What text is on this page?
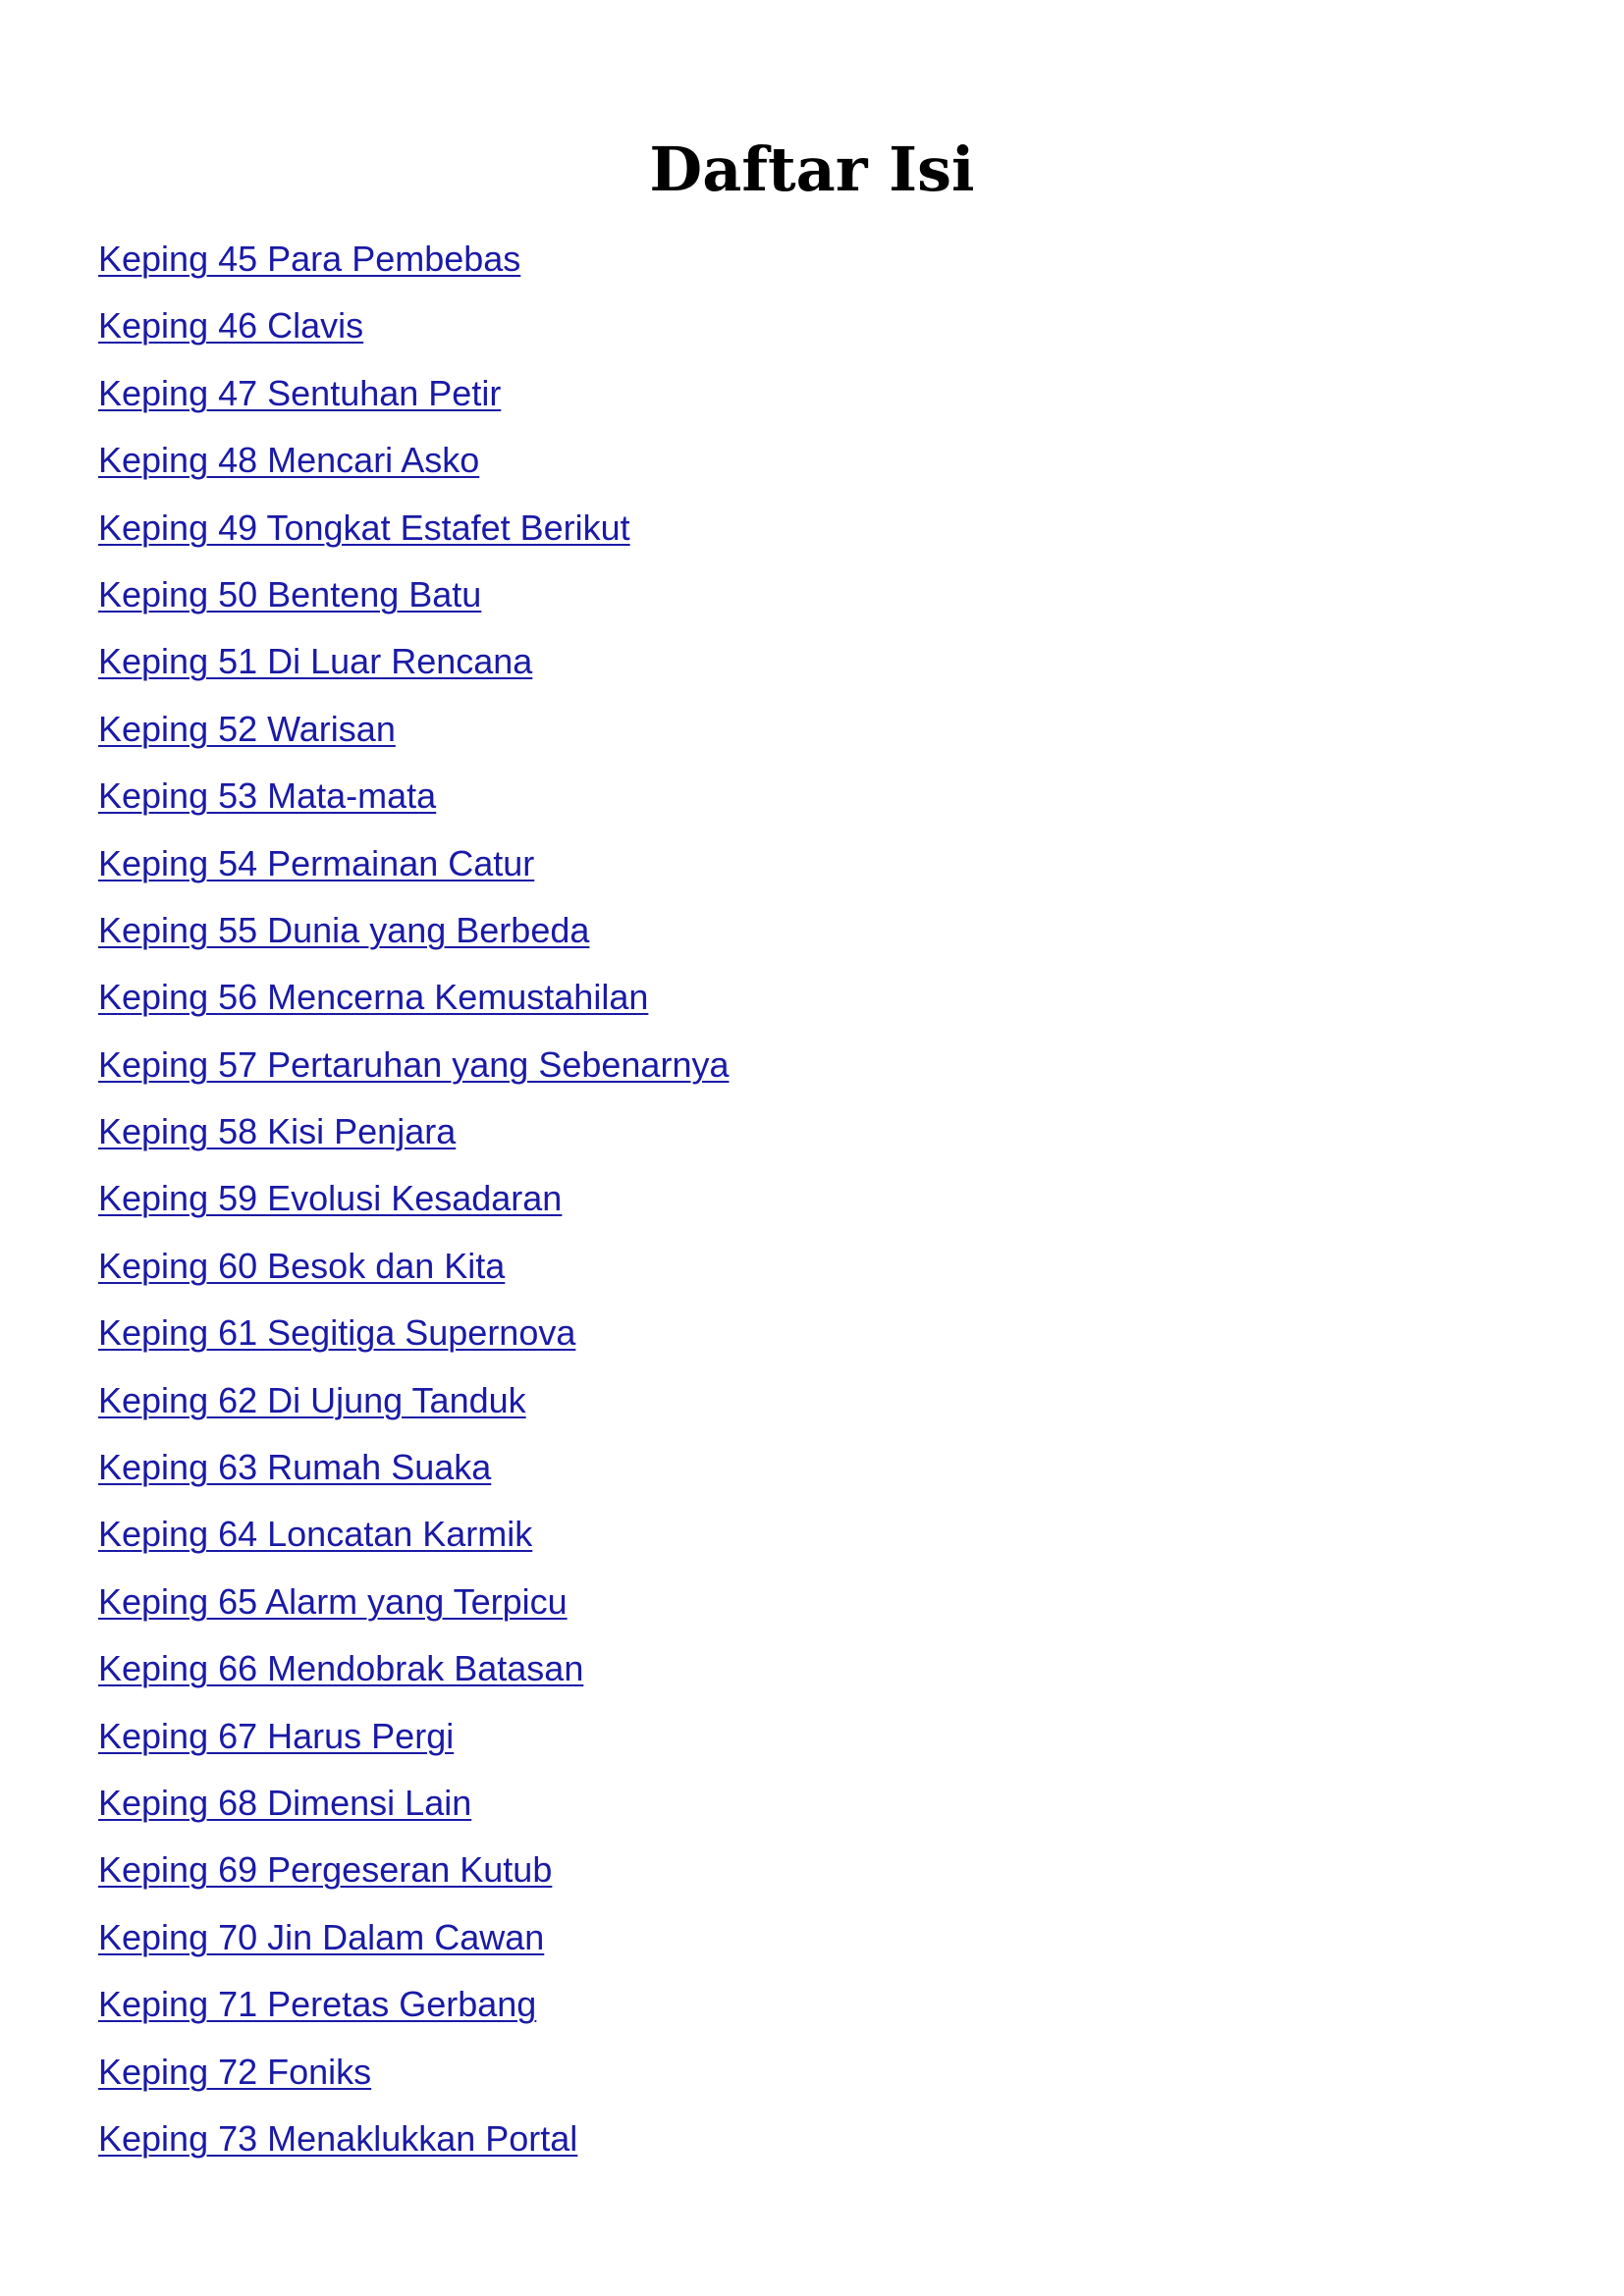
Daftar Isi
Keping 45 Para Pembebas
Keping 46 Clavis
Keping 47 Sentuhan Petir
Keping 48 Mencari Asko
Keping 49 Tongkat Estafet Berikut
Keping 50 Benteng Batu
Keping 51 Di Luar Rencana
Keping 52 Warisan
Keping 53 Mata-mata
Keping 54 Permainan Catur
Keping 55 Dunia yang Berbeda
Keping 56 Mencerna Kemustahilan
Keping 57 Pertaruhan yang Sebenarnya
Keping 58 Kisi Penjara
Keping 59 Evolusi Kesadaran
Keping 60 Besok dan Kita
Keping 61 Segitiga Supernova
Keping 62 Di Ujung Tanduk
Keping 63 Rumah Suaka
Keping 64 Loncatan Karmik
Keping 65 Alarm yang Terpicu
Keping 66 Mendobrak Batasan
Keping 67 Harus Pergi
Keping 68 Dimensi Lain
Keping 69 Pergeseran Kutub
Keping 70 Jin Dalam Cawan
Keping 71 Peretas Gerbang
Keping 72 Foniks
Keping 73 Menaklukkan Portal
